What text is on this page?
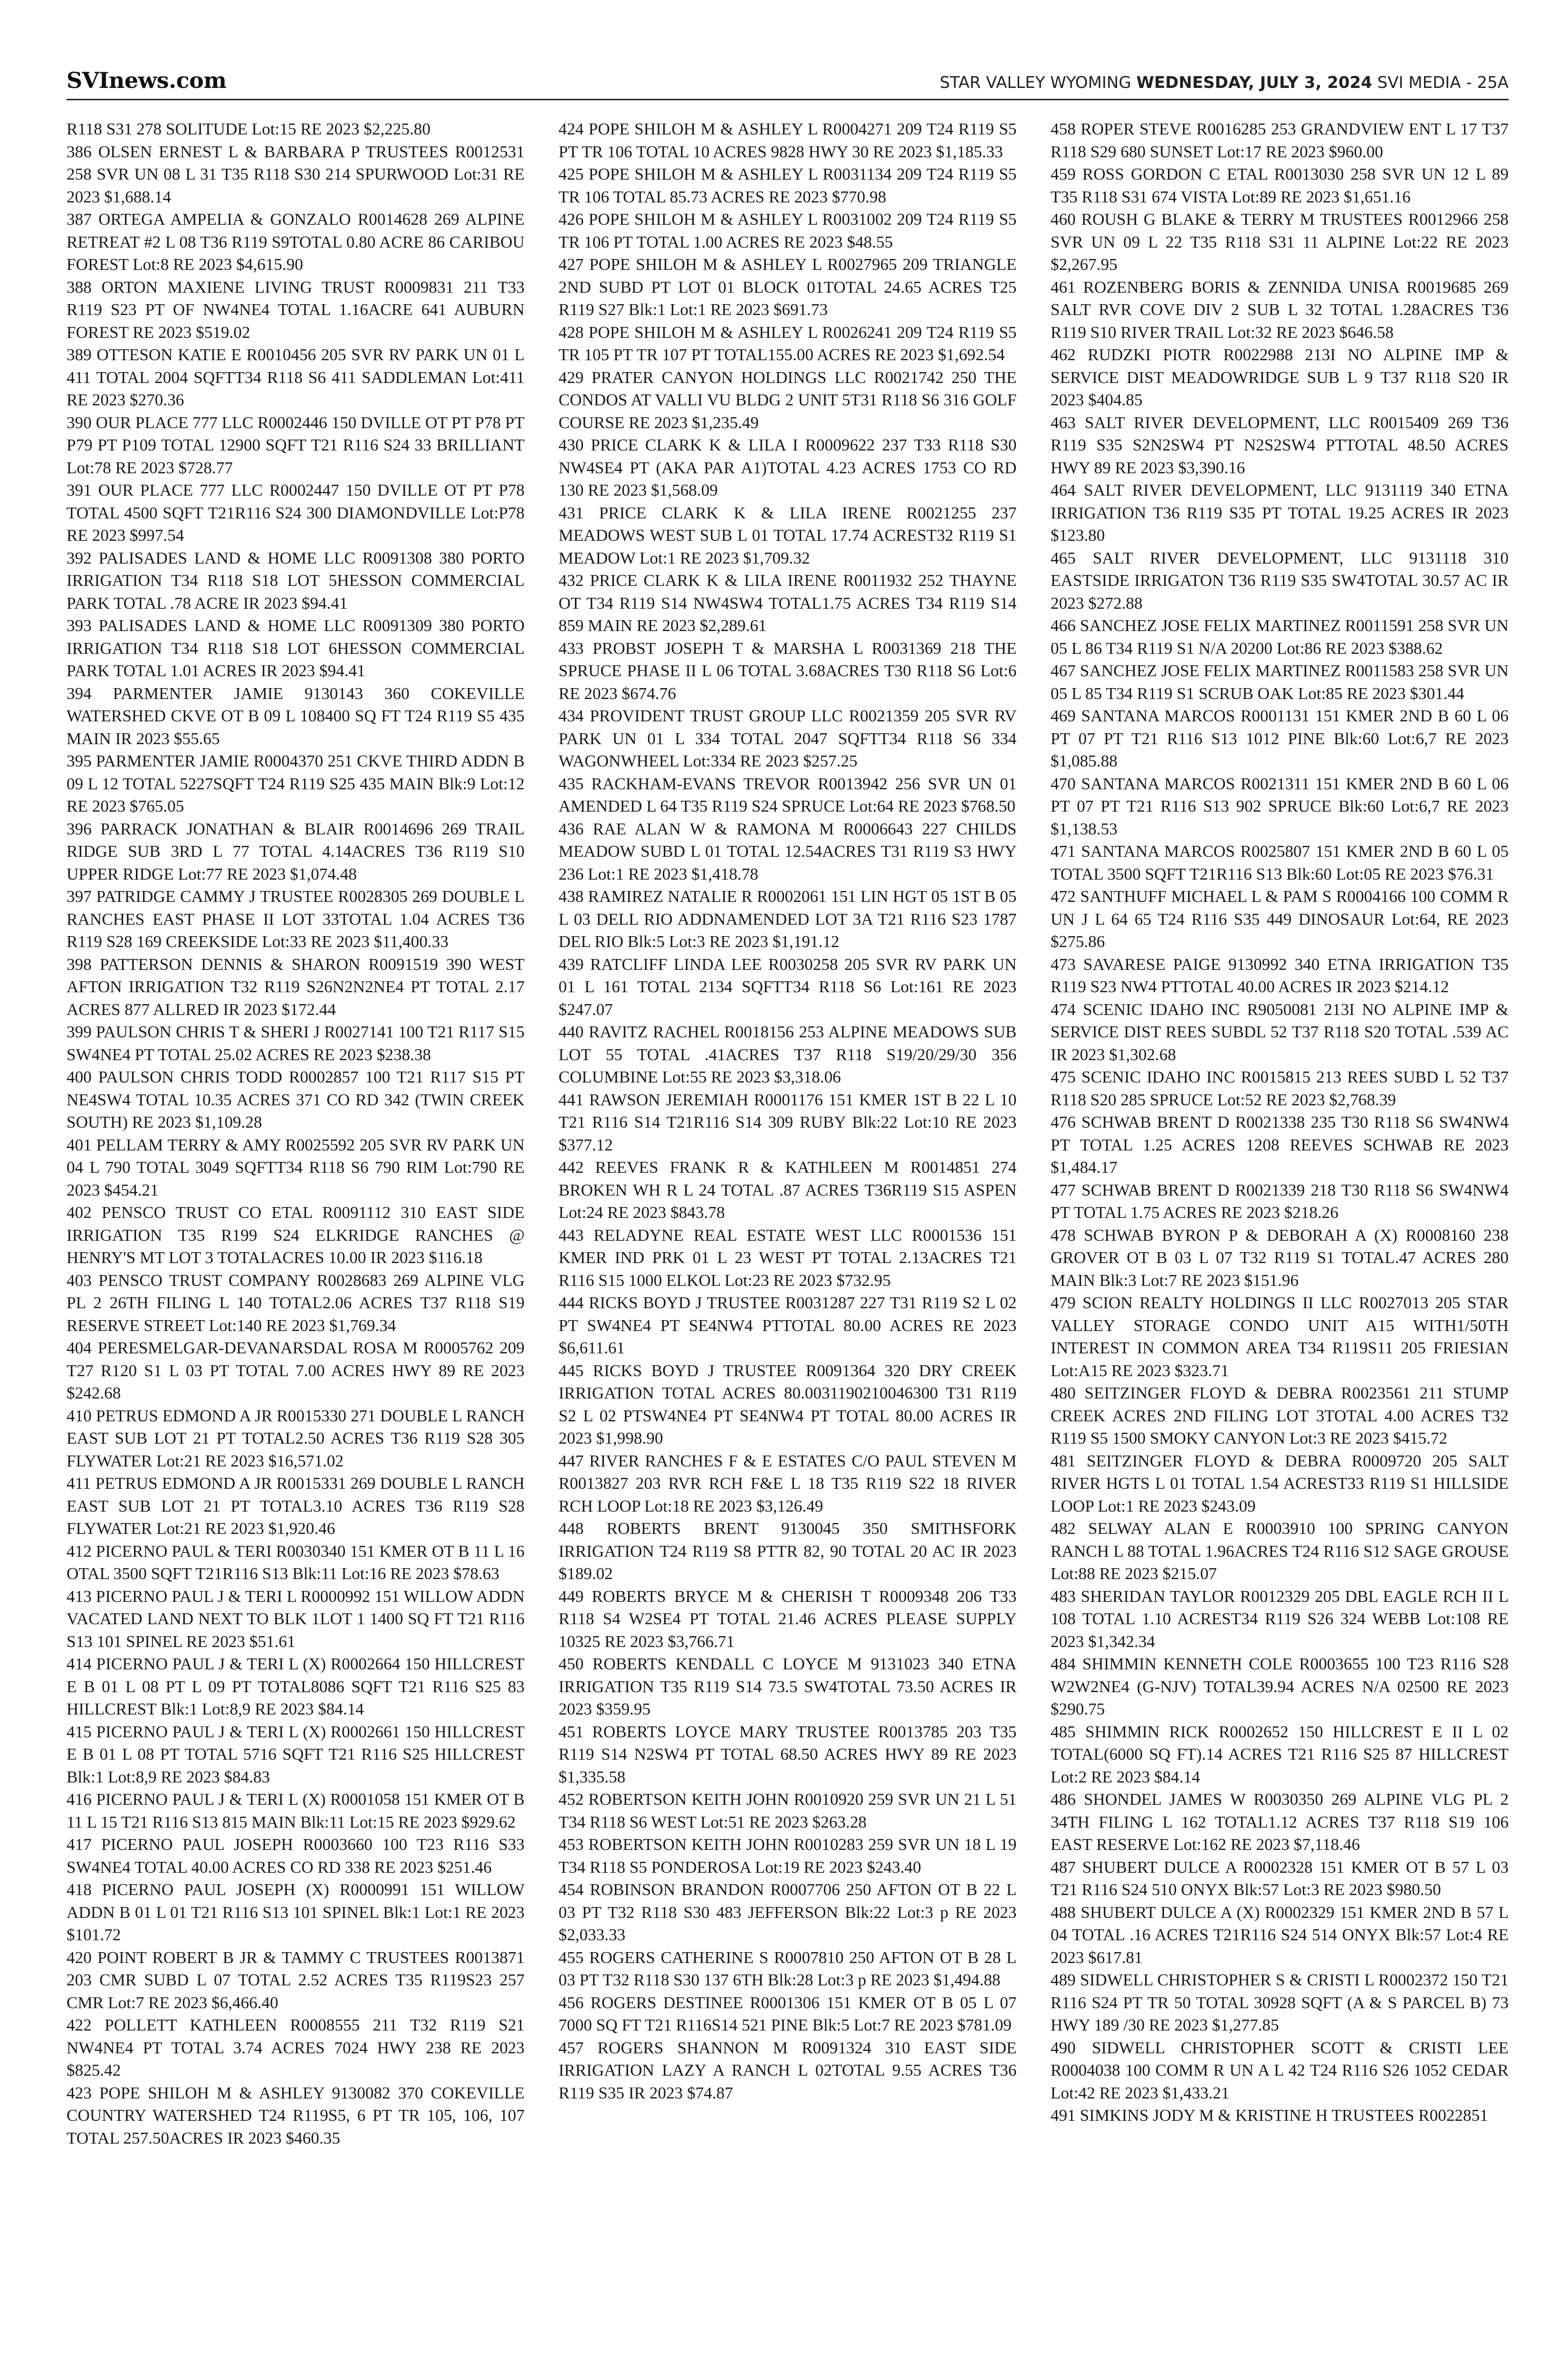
SVInews.com	STAR VALLEY WYOMING WEDNESDAY, JULY 3, 2024 SVI MEDIA - 25A

R118 S31 278 SOLITUDE Lot:15 RE 2023 $2,225.80

386 OLSEN ERNEST L & BARBARA P TRUSTEES R0012531 258 SVR UN 08 L 31 T35 R118 S30 214 SPURWOOD Lot:31 RE 2023 $1,688.14

387 ORTEGA AMPELIA & GONZALO R0014628 269 ALPINE RETREAT #2 L 08 T36 R119 S9TOTAL 0.80 ACRE 86 CARIBOU FOREST Lot:8 RE 2023 $4,615.90

388 ORTON MAXIENE LIVING TRUST R0009831 211 T33 R119 S23 PT OF NW4NE4 TOTAL 1.16ACRE 641 AUBURN FOREST RE 2023 $519.02

389 OTTESON KATIE E R0010456 205 SVR RV PARK UN 01 L 411 TOTAL 2004 SQFTT34 R118 S6 411 SADDLEMAN Lot:411 RE 2023 $270.36

390 OUR PLACE 777 LLC R0002446 150 DVILLE OT PT P78 PT P79 PT P109 TOTAL 12900 SQFT T21 R116 S24 33 BRILLIANT Lot:78 RE 2023 $728.77

391 OUR PLACE 777 LLC R0002447 150 DVILLE OT PT P78 TOTAL 4500 SQFT T21R116 S24 300 DIAMONDVILLE Lot:P78 RE 2023 $997.54

392 PALISADES LAND & HOME LLC R0091308 380 PORTO IRRIGATION T34 R118 S18 LOT 5HESSON COMMERCIAL PARK TOTAL .78 ACRE IR 2023 $94.41

393 PALISADES LAND & HOME LLC R0091309 380 PORTO IRRIGATION T34 R118 S18 LOT 6HESSON COMMERCIAL PARK TOTAL 1.01 ACRES IR 2023 $94.41

394 PARMENTER JAMIE 9130143 360 COKEVILLE WATERSHED CKVE OT B 09 L 108400 SQ FT T24 R119 S5 435 MAIN IR 2023 $55.65

395 PARMENTER JAMIE R0004370 251 CKVE THIRD ADDN B 09 L 12 TOTAL 5227SQFT T24 R119 S25 435 MAIN Blk:9 Lot:12 RE 2023 $765.05

396 PARRACK JONATHAN & BLAIR R0014696 269 TRAIL RIDGE SUB 3RD L 77 TOTAL 4.14ACRES T36 R119 S10 UPPER RIDGE Lot:77 RE 2023 $1,074.48

397 PATRIDGE CAMMY J TRUSTEE R0028305 269 DOUBLE L RANCHES EAST PHASE II LOT 33TOTAL 1.04 ACRES T36 R119 S28 169 CREEKSIDE Lot:33 RE 2023 $11,400.33

398 PATTERSON DENNIS & SHARON R0091519 390 WEST AFTON IRRIGATION T32 R119 S26N2N2NE4 PT TOTAL 2.17 ACRES 877 ALLRED IR 2023 $172.44

399 PAULSON CHRIS T & SHERI J R0027141 100 T21 R117 S15 SW4NE4 PT TOTAL 25.02 ACRES RE 2023 $238.38

400 PAULSON CHRIS TODD R0002857 100 T21 R117 S15 PT NE4SW4 TOTAL 10.35 ACRES 371 CO RD 342 (TWIN CREEK SOUTH) RE 2023 $1,109.28

401 PELLAM TERRY & AMY R0025592 205 SVR RV PARK UN 04 L 790 TOTAL 3049 SQFTT34 R118 S6 790 RIM Lot:790 RE 2023 $454.21

402 PENSCO TRUST CO ETAL R0091112 310 EAST SIDE IRRIGATION T35 R199 S24 ELKRIDGE RANCHES @ HENRY'S MT LOT 3 TOTALACRES 10.00 IR 2023 $116.18

403 PENSCO TRUST COMPANY R0028683 269 ALPINE VLG PL 2 26TH FILING L 140 TOTAL2.06 ACRES T37 R118 S19 RESERVE STREET Lot:140 RE 2023 $1,769.34

404 PERESMELGAR-DEVANARSDAL ROSA M R0005762 209 T27 R120 S1 L 03 PT TOTAL 7.00 ACRES HWY 89 RE 2023 $242.68

410 PETRUS EDMOND A JR R0015330 271 DOUBLE L RANCH EAST SUB LOT 21 PT TOTAL2.50 ACRES T36 R119 S28 305 FLYWATER Lot:21 RE 2023 $16,571.02

411 PETRUS EDMOND A JR R0015331 269 DOUBLE L RANCH EAST SUB LOT 21 PT TOTAL3.10 ACRES T36 R119 S28 FLYWATER Lot:21 RE 2023 $1,920.46

412 PICERNO PAUL & TERI R0030340 151 KMER OT B 11 L 16 OTAL 3500 SQFT T21R116 S13 Blk:11 Lot:16 RE 2023 $78.63

413 PICERNO PAUL J & TERI L R0000992 151 WILLOW ADDN VACATED LAND NEXT TO BLK 1LOT 1 1400 SQ FT T21 R116 S13 101 SPINEL RE 2023 $51.61

414 PICERNO PAUL J & TERI L (X) R0002664 150 HILLCREST E B 01 L 08 PT L 09 PT TOTAL8086 SQFT T21 R116 S25 83 HILLCREST Blk:1 Lot:8,9 RE 2023 $84.14

415 PICERNO PAUL J & TERI L (X) R0002661 150 HILLCREST E B 01 L 08 PT TOTAL 5716 SQFT T21 R116 S25 HILLCREST Blk:1 Lot:8,9 RE 2023 $84.83

416 PICERNO PAUL J & TERI L (X) R0001058 151 KMER OT B 11 L 15 T21 R116 S13 815 MAIN Blk:11 Lot:15 RE 2023 $929.62

417 PICERNO PAUL JOSEPH R0003660 100 T23 R116 S33 SW4NE4 TOTAL 40.00 ACRES CO RD 338 RE 2023 $251.46

418 PICERNO PAUL JOSEPH (X) R0000991 151 WILLOW ADDN B 01 L 01 T21 R116 S13 101 SPINEL Blk:1 Lot:1 RE 2023 $101.72

420 POINT ROBERT B JR & TAMMY C TRUSTEES R0013871 203 CMR SUBD L 07 TOTAL 2.52 ACRES T35 R119S23 257 CMR Lot:7 RE 2023 $6,466.40

422 POLLETT KATHLEEN R0008555 211 T32 R119 S21 NW4NE4 PT TOTAL 3.74 ACRES 7024 HWY 238 RE 2023 $825.42

423 POPE SHILOH M & ASHLEY 9130082 370 COKEVILLE COUNTRY WATERSHED T24 R119S5, 6 PT TR 105, 106, 107 TOTAL 257.50ACRES IR 2023 $460.35

424 POPE SHILOH M & ASHLEY L R0004271 209 T24 R119 S5 PT TR 106 TOTAL 10 ACRES 9828 HWY 30 RE 2023 $1,185.33

425 POPE SHILOH M & ASHLEY L R0031134 209 T24 R119 S5 TR 106 TOTAL 85.73 ACRES RE 2023 $770.98

426 POPE SHILOH M & ASHLEY L R0031002 209 T24 R119 S5 TR 106 PT TOTAL 1.00 ACRES RE 2023 $48.55

427 POPE SHILOH M & ASHLEY L R0027965 209 TRIANGLE 2ND SUBD PT LOT 01 BLOCK 01TOTAL 24.65 ACRES T25 R119 S27 Blk:1 Lot:1 RE 2023 $691.73

428 POPE SHILOH M & ASHLEY L R0026241 209 T24 R119 S5 TR 105 PT TR 107 PT TOTAL155.00 ACRES RE 2023 $1,692.54

429 PRATER CANYON HOLDINGS LLC R0021742 250 THE CONDOS AT VALLI VU BLDG 2 UNIT 5T31 R118 S6 316 GOLF COURSE RE 2023 $1,235.49

430 PRICE CLARK K & LILA I R0009622 237 T33 R118 S30 NW4SE4 PT (AKA PAR A1)TOTAL 4.23 ACRES 1753 CO RD 130 RE 2023 $1,568.09

431 PRICE CLARK K & LILA IRENE R0021255 237 MEADOWS WEST SUB L 01 TOTAL 17.74 ACREST32 R119 S1 MEADOW Lot:1 RE 2023 $1,709.32

432 PRICE CLARK K & LILA IRENE R0011932 252 THAYNE OT T34 R119 S14 NW4SW4 TOTAL1.75 ACRES T34 R119 S14 859 MAIN RE 2023 $2,289.61

433 PROBST JOSEPH T & MARSHA L R0031369 218 THE SPRUCE PHASE II L 06 TOTAL 3.68ACRES T30 R118 S6 Lot:6 RE 2023 $674.76

434 PROVIDENT TRUST GROUP LLC R0021359 205 SVR RV PARK UN 01 L 334 TOTAL 2047 SQFTT34 R118 S6 334 WAGONWHEEL Lot:334 RE 2023 $257.25

435 RACKHAM-EVANS TREVOR R0013942 256 SVR UN 01 AMENDED L 64 T35 R119 S24 SPRUCE Lot:64 RE 2023 $768.50

436 RAE ALAN W & RAMONA M R0006643 227 CHILDS MEADOW SUBD L 01 TOTAL 12.54ACRES T31 R119 S3 HWY 236 Lot:1 RE 2023 $1,418.78

438 RAMIREZ NATALIE R R0002061 151 LIN HGT 05 1ST B 05 L 03 DELL RIO ADDNAMENDED LOT 3A T21 R116 S23 1787 DEL RIO Blk:5 Lot:3 RE 2023 $1,191.12

439 RATCLIFF LINDA LEE R0030258 205 SVR RV PARK UN 01 L 161 TOTAL 2134 SQFTT34 R118 S6 Lot:161 RE 2023 $247.07

440 RAVITZ RACHEL R0018156 253 ALPINE MEADOWS SUB LOT 55 TOTAL .41ACRES T37 R118 S19/20/29/30 356 COLUMBINE Lot:55 RE 2023 $3,318.06

441 RAWSON JEREMIAH R0001176 151 KMER 1ST B 22 L 10 T21 R116 S14 T21R116 S14 309 RUBY Blk:22 Lot:10 RE 2023 $377.12

442 REEVES FRANK R & KATHLEEN M R0014851 274 BROKEN WH R L 24 TOTAL .87 ACRES T36R119 S15 ASPEN Lot:24 RE 2023 $843.78

443 RELADYNE REAL ESTATE WEST LLC R0001536 151 KMER IND PRK 01 L 23 WEST PT TOTAL 2.13ACRES T21 R116 S15 1000 ELKOL Lot:23 RE 2023 $732.95

444 RICKS BOYD J TRUSTEE R0031287 227 T31 R119 S2 L 02 PT SW4NE4 PT SE4NW4 PTTOTAL 80.00 ACRES RE 2023 $6,611.61

445 RICKS BOYD J TRUSTEE R0091364 320 DRY CREEK IRRIGATION TOTAL ACRES 80.0031190210046300 T31 R119 S2 L 02 PTSW4NE4 PT SE4NW4 PT TOTAL 80.00 ACRES IR 2023 $1,998.90

447 RIVER RANCHES F & E ESTATES C/O PAUL STEVEN M R0013827 203 RVR RCH F&E L 18 T35 R119 S22 18 RIVER RCH LOOP Lot:18 RE 2023 $3,126.49

448 ROBERTS BRENT 9130045 350 SMITHSFORK IRRIGATION T24 R119 S8 PTTR 82, 90 TOTAL 20 AC IR 2023 $189.02

449 ROBERTS BRYCE M & CHERISH T R0009348 206 T33 R118 S4 W2SE4 PT TOTAL 21.46 ACRES PLEASE SUPPLY 10325 RE 2023 $3,766.71

450 ROBERTS KENDALL C LOYCE M 9131023 340 ETNA IRRIGATION T35 R119 S14 73.5 SW4TOTAL 73.50 ACRES IR 2023 $359.95

451 ROBERTS LOYCE MARY TRUSTEE R0013785 203 T35 R119 S14 N2SW4 PT TOTAL 68.50 ACRES HWY 89 RE 2023 $1,335.58

452 ROBERTSON KEITH JOHN R0010920 259 SVR UN 21 L 51 T34 R118 S6 WEST Lot:51 RE 2023 $263.28

453 ROBERTSON KEITH JOHN R0010283 259 SVR UN 18 L 19 T34 R118 S5 PONDEROSA Lot:19 RE 2023 $243.40

454 ROBINSON BRANDON R0007706 250 AFTON OT B 22 L 03 PT T32 R118 S30 483 JEFFERSON Blk:22 Lot:3 p RE 2023 $2,033.33

455 ROGERS CATHERINE S R0007810 250 AFTON OT B 28 L 03 PT T32 R118 S30 137 6TH Blk:28 Lot:3 p RE 2023 $1,494.88

456 ROGERS DESTINEE R0001306 151 KMER OT B 05 L 07 7000 SQ FT T21 R116S14 521 PINE Blk:5 Lot:7 RE 2023 $781.09

457 ROGERS SHANNON M R0091324 310 EAST SIDE IRRIGATION LAZY A RANCH L 02TOTAL 9.55 ACRES T36 R119 S35 IR 2023 $74.87

458 ROPER STEVE R0016285 253 GRANDVIEW ENT L 17 T37 R118 S29 680 SUNSET Lot:17 RE 2023 $960.00

459 ROSS GORDON C ETAL R0013030 258 SVR UN 12 L 89 T35 R118 S31 674 VISTA Lot:89 RE 2023 $1,651.16

460 ROUSH G BLAKE & TERRY M TRUSTEES R0012966 258 SVR UN 09 L 22 T35 R118 S31 11 ALPINE Lot:22 RE 2023 $2,267.95

461 ROZENBERG BORIS & ZENNIDA UNISA R0019685 269 SALT RVR COVE DIV 2 SUB L 32 TOTAL 1.28ACRES T36 R119 S10 RIVER TRAIL Lot:32 RE 2023 $646.58

462 RUDZKI PIOTR R0022988 213I NO ALPINE IMP & SERVICE DIST MEADOWRIDGE SUB L 9 T37 R118 S20 IR 2023 $404.85

463 SALT RIVER DEVELOPMENT, LLC R0015409 269 T36 R119 S35 S2N2SW4 PT N2S2SW4 PTTOTAL 48.50 ACRES HWY 89 RE 2023 $3,390.16

464 SALT RIVER DEVELOPMENT, LLC 9131119 340 ETNA IRRIGATION T36 R119 S35 PT TOTAL 19.25 ACRES IR 2023 $123.80

465 SALT RIVER DEVELOPMENT, LLC 9131118 310 EASTSIDE IRRIGATON T36 R119 S35 SW4TOTAL 30.57 AC IR 2023 $272.88

466 SANCHEZ JOSE FELIX MARTINEZ R0011591 258 SVR UN 05 L 86 T34 R119 S1 N/A 20200 Lot:86 RE 2023 $388.62

467 SANCHEZ JOSE FELIX MARTINEZ R0011583 258 SVR UN 05 L 85 T34 R119 S1 SCRUB OAK Lot:85 RE 2023 $301.44

469 SANTANA MARCOS R0001131 151 KMER 2ND B 60 L 06 PT 07 PT T21 R116 S13 1012 PINE Blk:60 Lot:6,7 RE 2023 $1,085.88

470 SANTANA MARCOS R0021311 151 KMER 2ND B 60 L 06 PT 07 PT T21 R116 S13 902 SPRUCE Blk:60 Lot:6,7 RE 2023 $1,138.53

471 SANTANA MARCOS R0025807 151 KMER 2ND B 60 L 05 TOTAL 3500 SQFT T21R116 S13 Blk:60 Lot:05 RE 2023 $76.31

472 SANTHUFF MICHAEL L & PAM S R0004166 100 COMM R UN J L 64 65 T24 R116 S35 449 DINOSAUR Lot:64, RE 2023 $275.86

473 SAVARESE PAIGE 9130992 340 ETNA IRRIGATION T35 R119 S23 NW4 PTTOTAL 40.00 ACRES IR 2023 $214.12

474 SCENIC IDAHO INC R9050081 213I NO ALPINE IMP & SERVICE DIST REES SUBDL 52 T37 R118 S20 TOTAL .539 AC IR 2023 $1,302.68

475 SCENIC IDAHO INC R0015815 213 REES SUBD L 52 T37 R118 S20 285 SPRUCE Lot:52 RE 2023 $2,768.39

476 SCHWAB BRENT D R0021338 235 T30 R118 S6 SW4NW4 PT TOTAL 1.25 ACRES 1208 REEVES SCHWAB RE 2023 $1,484.17

477 SCHWAB BRENT D R0021339 218 T30 R118 S6 SW4NW4 PT TOTAL 1.75 ACRES RE 2023 $218.26

478 SCHWAB BYRON P & DEBORAH A (X) R0008160 238 GROVER OT B 03 L 07 T32 R119 S1 TOTAL.47 ACRES 280 MAIN Blk:3 Lot:7 RE 2023 $151.96

479 SCION REALTY HOLDINGS II LLC R0027013 205 STAR VALLEY STORAGE CONDO UNIT A15 WITH1/50TH INTEREST IN COMMON AREA T34 R119S11 205 FRIESIAN Lot:A15 RE 2023 $323.71

480 SEITZINGER FLOYD & DEBRA R0023561 211 STUMP CREEK ACRES 2ND FILING LOT 3TOTAL 4.00 ACRES T32 R119 S5 1500 SMOKY CANYON Lot:3 RE 2023 $415.72

481 SEITZINGER FLOYD & DEBRA R0009720 205 SALT RIVER HGTS L 01 TOTAL 1.54 ACREST33 R119 S1 HILLSIDE LOOP Lot:1 RE 2023 $243.09

482 SELWAY ALAN E R0003910 100 SPRING CANYON RANCH L 88 TOTAL 1.96ACRES T24 R116 S12 SAGE GROUSE Lot:88 RE 2023 $215.07

483 SHERIDAN TAYLOR R0012329 205 DBL EAGLE RCH II L 108 TOTAL 1.10 ACREST34 R119 S26 324 WEBB Lot:108 RE 2023 $1,342.34

484 SHIMMIN KENNETH COLE R0003655 100 T23 R116 S28 W2W2NE4 (G-NJV) TOTAL39.94 ACRES N/A 02500 RE 2023 $290.75

485 SHIMMIN RICK R0002652 150 HILLCREST E II L 02 TOTAL(6000 SQ FT).14 ACRES T21 R116 S25 87 HILLCREST Lot:2 RE 2023 $84.14

486 SHONDEL JAMES W R0030350 269 ALPINE VLG PL 2 34TH FILING L 162 TOTAL1.12 ACRES T37 R118 S19 106 EAST RESERVE Lot:162 RE 2023 $7,118.46

487 SHUBERT DULCE A R0002328 151 KMER OT B 57 L 03 T21 R116 S24 510 ONYX Blk:57 Lot:3 RE 2023 $980.50

488 SHUBERT DULCE A (X) R0002329 151 KMER 2ND B 57 L 04 TOTAL .16 ACRES T21R116 S24 514 ONYX Blk:57 Lot:4 RE 2023 $617.81

489 SIDWELL CHRISTOPHER S & CRISTI L R0002372 150 T21 R116 S24 PT TR 50 TOTAL 30928 SQFT (A & S PARCEL B) 73 HWY 189 /30 RE 2023 $1,277.85

490 SIDWELL CHRISTOPHER SCOTT & CRISTI LEE R0004038 100 COMM R UN A L 42 T24 R116 S26 1052 CEDAR Lot:42 RE 2023 $1,433.21

491 SIMKINS JODY M & KRISTINE H TRUSTEES R0022851
